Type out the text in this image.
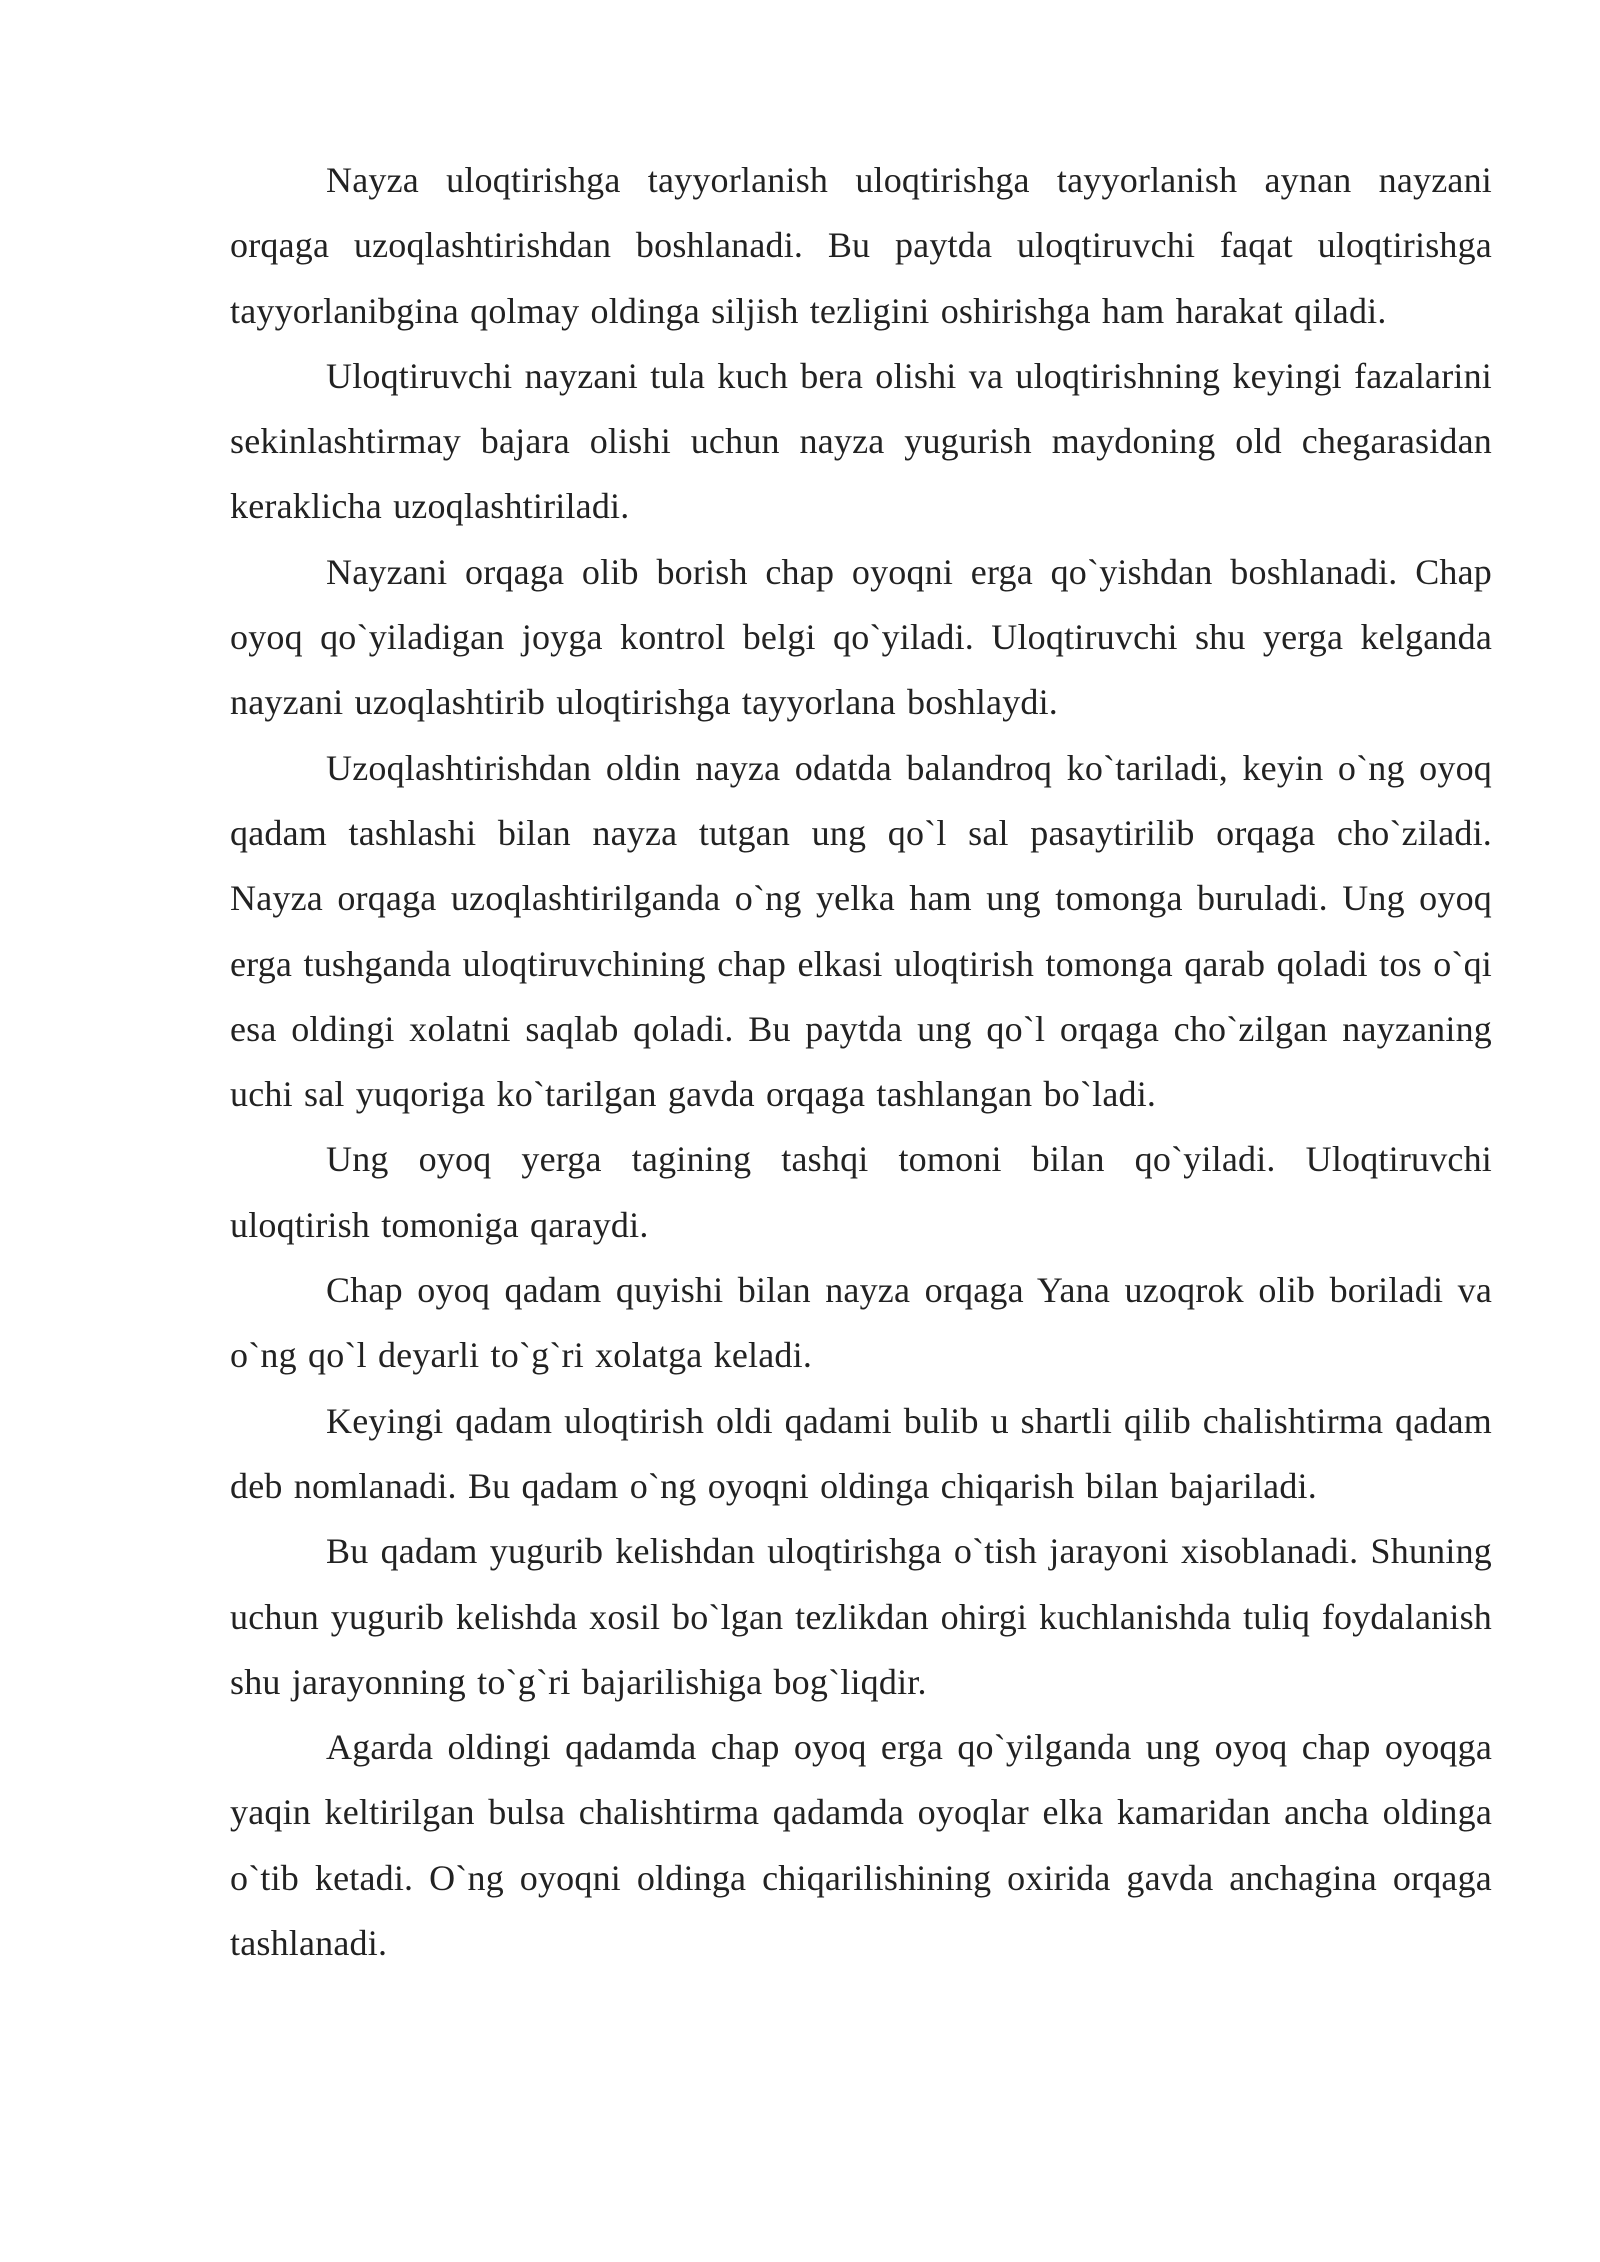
Nayza uloqtirishga tayyorlanish uloqtirishga tayyorlanish aynan nayzani orqaga uzoqlashtirishdan boshlanadi. Bu paytda uloqtiruvchi faqat uloqtirishga tayyorlanibgina qolmay oldinga siljish tezligini oshirishga ham harakat qiladi.

Uloqtiruvchi nayzani tula kuch bera olishi va uloqtirishning keyingi fazalarini sekinlashtirmay bajara olishi uchun nayza yugurish maydoning old chegarasidan keraklicha uzoqlashtiriladi.

Nayzani orqaga olib borish chap oyoqni erga qo`yishdan boshlanadi. Chap oyoq qo`yiladigan joyga kontrol belgi qo`yiladi. Uloqtiruvchi shu yerga kelganda nayzani uzoqlashtirib uloqtirishga tayyorlana boshlaydi.

Uzoqlashtirishdan oldin nayza odatda balandroq ko`tariladi, keyin o`ng oyoq qadam tashlashi bilan nayza tutgan ung qo`l sal pasaytirilib orqaga cho`ziladi. Nayza orqaga uzoqlashtirilganda o`ng yelka ham ung tomonga buruladi. Ung oyoq erga tushganda uloqtiruvchining chap elkasi uloqtirish tomonga qarab qoladi tos o`qi esa oldingi xolatni saqlab qoladi. Bu paytda ung qo`l orqaga cho`zilgan nayzaning uchi sal yuqoriga ko`tarilgan gavda orqaga tashlangan bo`ladi.

Ung oyoq yerga tagining tashqi tomoni bilan qo`yiladi. Uloqtiruvchi uloqtirish tomoniga qaraydi.

Chap oyoq qadam quyishi bilan nayza orqaga Yana uzoqrok olib boriladi va o`ng qo`l deyarli to`g`ri xolatga keladi.

Keyingi qadam uloqtirish oldi qadami bulib u shartli qilib chalishtirma qadam deb nomlanadi. Bu qadam o`ng oyoqni oldinga chiqarish bilan bajariladi.

Bu qadam yugurib kelishdan uloqtirishga o`tish jarayoni xisoblanadi. Shuning uchun yugurib kelishda xosil bo`lgan tezlikdan ohirgi kuchlanishda tuliq foydalanish shu jarayonning to`g`ri bajarilishiga bog`liqdir.

Agarda oldingi qadamda chap oyoq erga qo`yilganda ung oyoq chap oyoqga yaqin keltirilgan bulsa chalishtirma qadamda oyoqlar elka kamaridan ancha oldinga o`tib ketadi. O`ng oyoqni oldinga chiqarilishining oxirida gavda anchagina orqaga tashlanadi.
